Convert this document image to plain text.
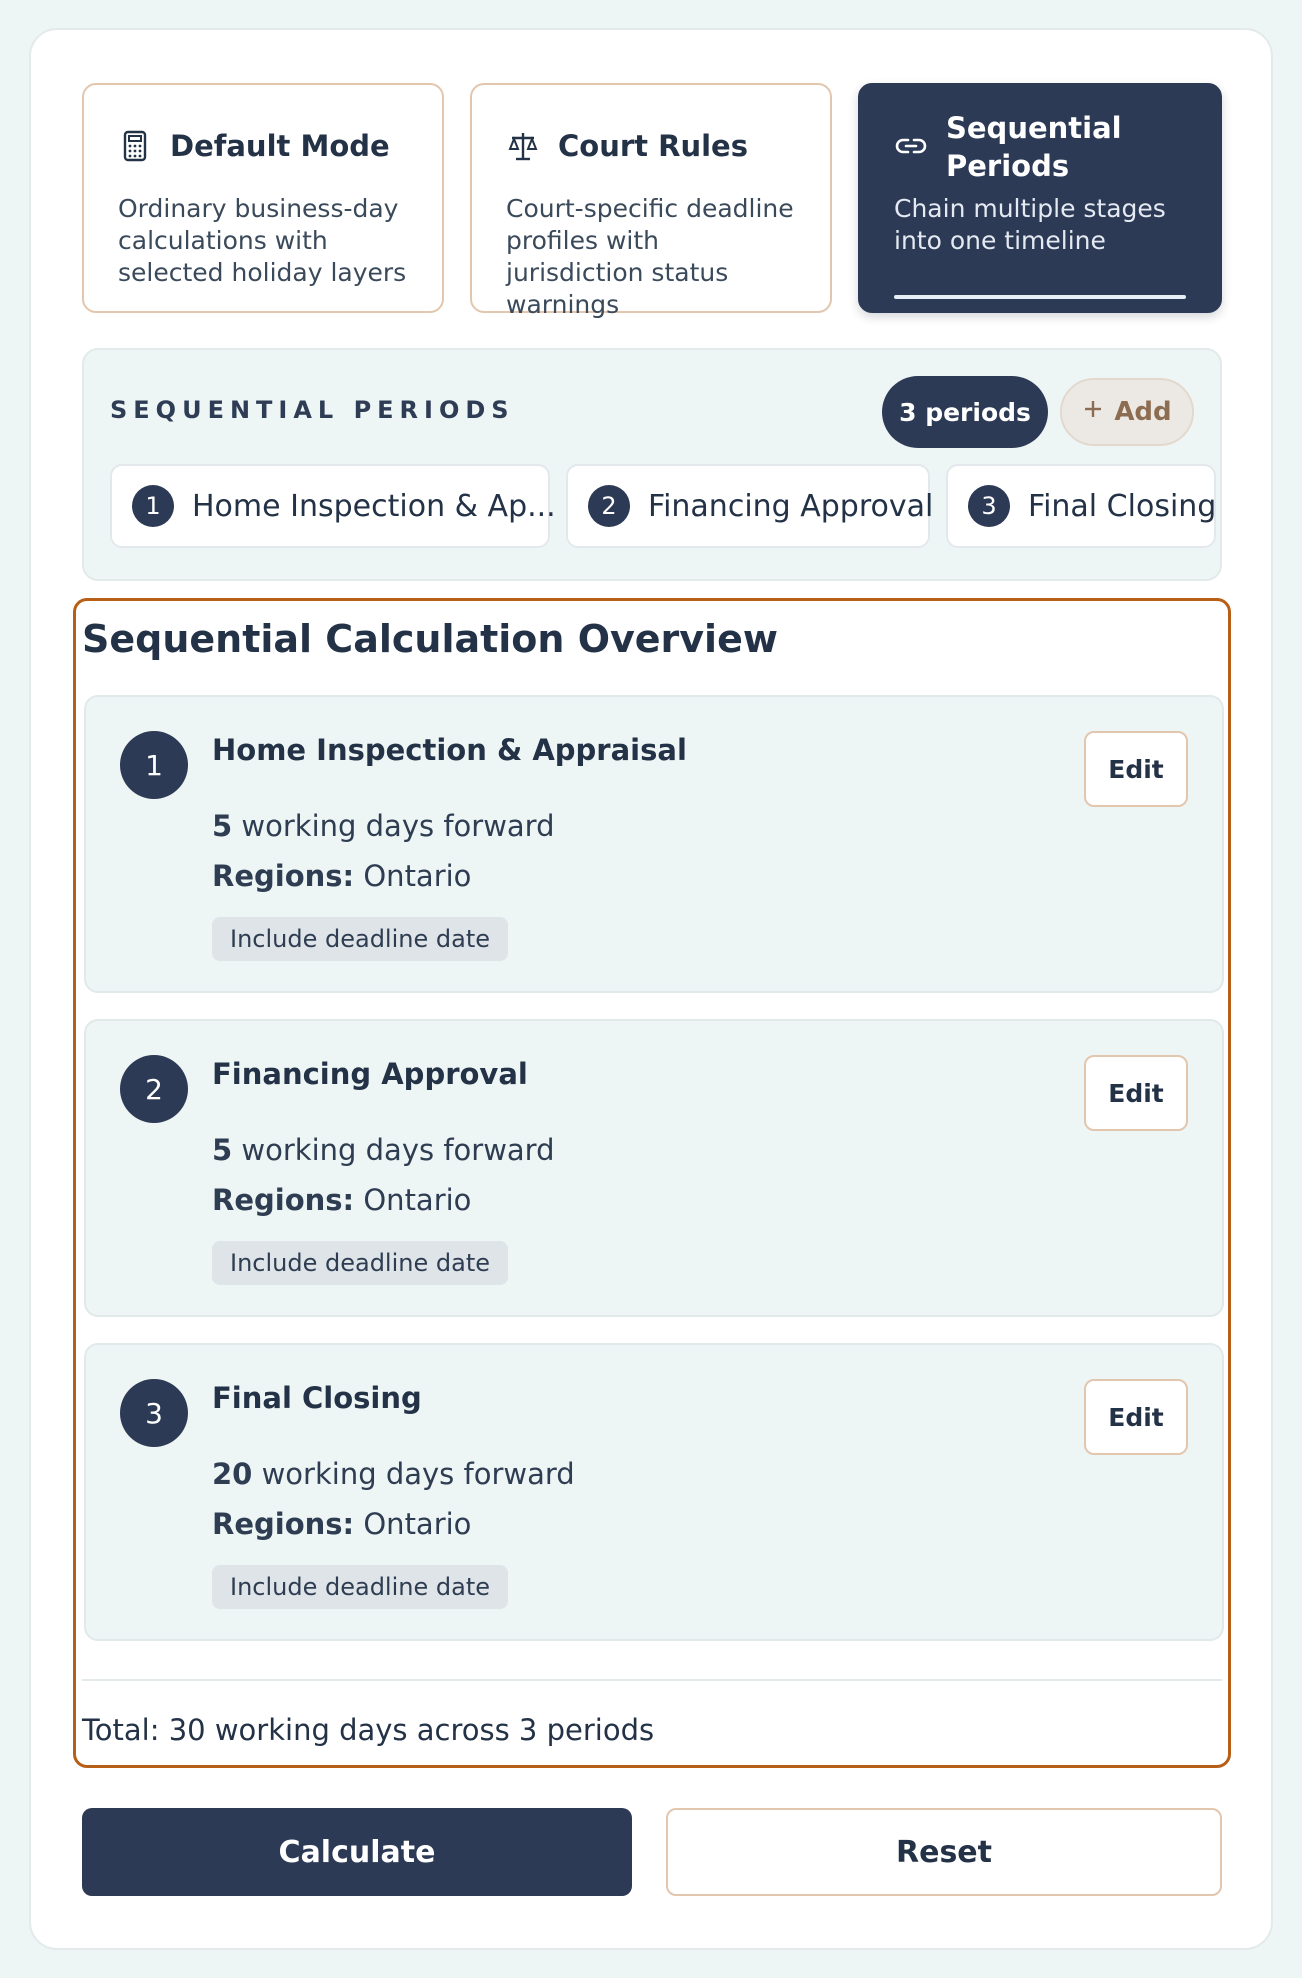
Default Mode
Ordinary business-day calculations with selected holiday layers
Court Rules
Court-specific deadline profiles with jurisdiction status warnings
Sequential Periods
Chain multiple stages into one timeline
SEQUENTIAL PERIODS	3 periods	Add
1	Home Inspection & Ap...	2	Financing Approval	3	Final Closing
Sequential Calculation Overview
1	Home Inspection & Appraisal
5 working days forward
Regions: Ontario
Include deadline date
Edit
2	Financing Approval
5 working days forward
Regions: Ontario
Include deadline date
Edit
3	Final Closing
20 working days forward
Regions: Ontario
Include deadline date
Edit
Total: 30 working days across 3 periods
Calculate	Reset
